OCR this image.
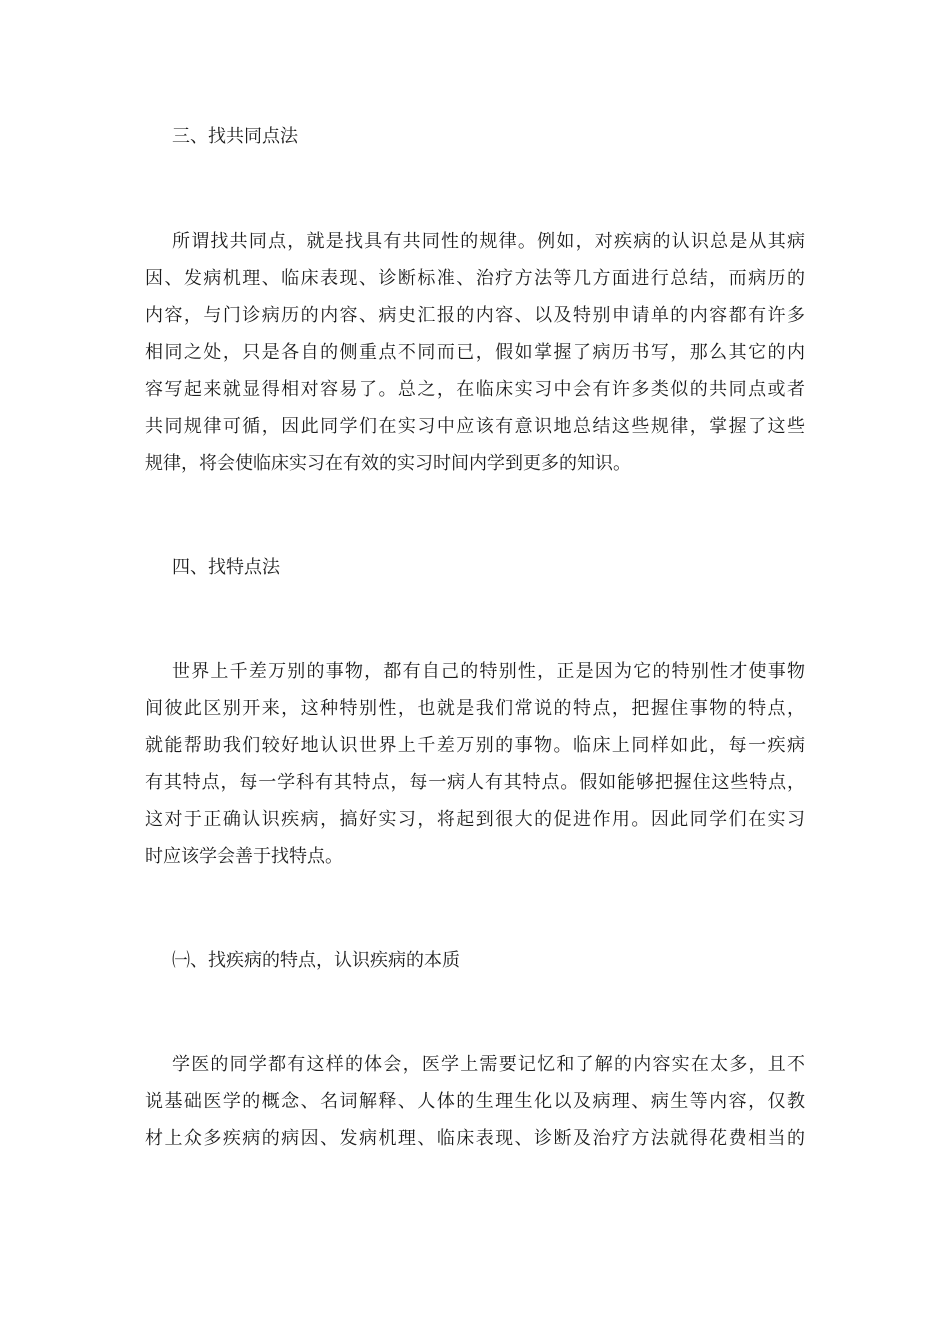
三、找共同点法
所谓找共同点，就是找具有共同性的规律。例如，对疾病的认识总是从其病
因、发病机理、临床表现、诊断标准、治疗方法等几方面进行总结，而病历的
内容，与门诊病历的内容、病史汇报的内容、以及特别申请单的内容都有许多
相同之处，只是各自的侧重点不同而已，假如掌握了病历书写，那么其它的内
容写起来就显得相对容易了。总之，在临床实习中会有许多类似的共同点或者
共同规律可循，因此同学们在实习中应该有意识地总结这些规律，掌握了这些
规律，将会使临床实习在有效的实习时间内学到更多的知识。
四、找特点法
世界上千差万别的事物，都有自己的特别性，正是因为它的特别性才使事物
间彼此区别开来，这种特别性，也就是我们常说的特点，把握住事物的特点，
就能帮助我们较好地认识世界上千差万别的事物。临床上同样如此，每一疾病
有其特点，每一学科有其特点，每一病人有其特点。假如能够把握住这些特点，
这对于正确认识疾病，搞好实习，将起到很大的促进作用。因此同学们在实习
时应该学会善于找特点。
㈠、找疾病的特点，认识疾病的本质
学医的同学都有这样的体会，医学上需要记忆和了解的内容实在太多，且不
说基础医学的概念、名词解释、人体的生理生化以及病理、病生等内容，仅教
材上众多疾病的病因、发病机理、临床表现、诊断及治疗方法就得花费相当的
